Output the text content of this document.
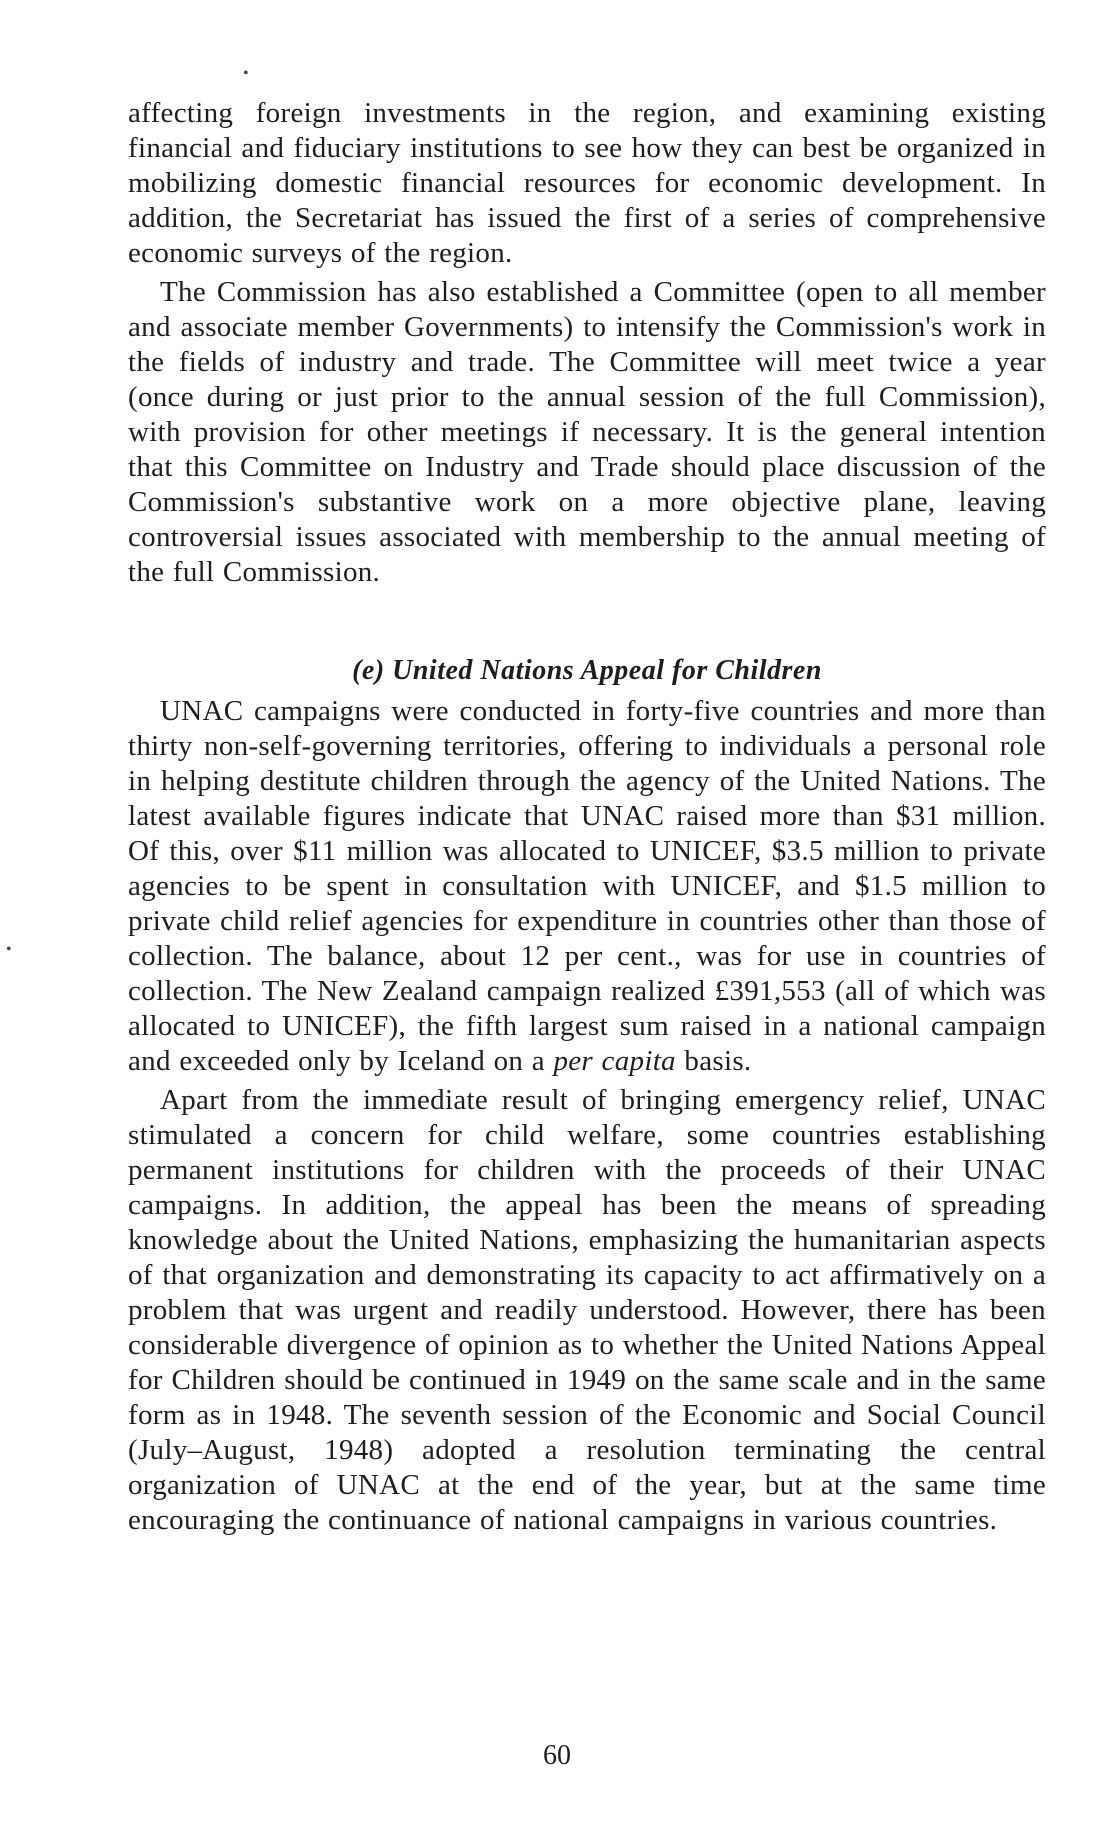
•
•

affecting foreign investments in the region, and examining existing financial and fiduciary institutions to see how they can best be organized in mobilizing domestic financial resources for economic development. In addition, the Secretariat has issued the first of a series of comprehensive economic surveys of the region.

The Commission has also established a Committee (open to all member and associate member Governments) to intensify the Commission's work in the fields of industry and trade. The Committee will meet twice a year (once during or just prior to the annual session of the full Commission), with provision for other meetings if necessary. It is the general intention that this Committee on Industry and Trade should place discussion of the Commission's substantive work on a more objective plane, leaving controversial issues associated with membership to the annual meeting of the full Commission.

(e) United Nations Appeal for Children

UNAC campaigns were conducted in forty-five countries and more than thirty non-self-governing territories, offering to individuals a personal role in helping destitute children through the agency of the United Nations. The latest available figures indicate that UNAC raised more than $31 million. Of this, over $11 million was allocated to UNICEF, $3.5 million to private agencies to be spent in consultation with UNICEF, and $1.5 million to private child relief agencies for expenditure in countries other than those of collection. The balance, about 12 per cent., was for use in countries of collection. The New Zealand campaign realized £391,553 (all of which was allocated to UNICEF), the fifth largest sum raised in a national campaign and exceeded only by Iceland on a per capita basis.

Apart from the immediate result of bringing emergency relief, UNAC stimulated a concern for child welfare, some countries establishing permanent institutions for children with the proceeds of their UNAC campaigns. In addition, the appeal has been the means of spreading knowledge about the United Nations, emphasizing the humanitarian aspects of that organization and demonstrating its capacity to act affirmatively on a problem that was urgent and readily understood. However, there has been considerable divergence of opinion as to whether the United Nations Appeal for Children should be continued in 1949 on the same scale and in the same form as in 1948. The seventh session of the Economic and Social Council (July–August, 1948) adopted a resolution terminating the central organization of UNAC at the end of the year, but at the same time encouraging the continuance of national campaigns in various countries.

60
